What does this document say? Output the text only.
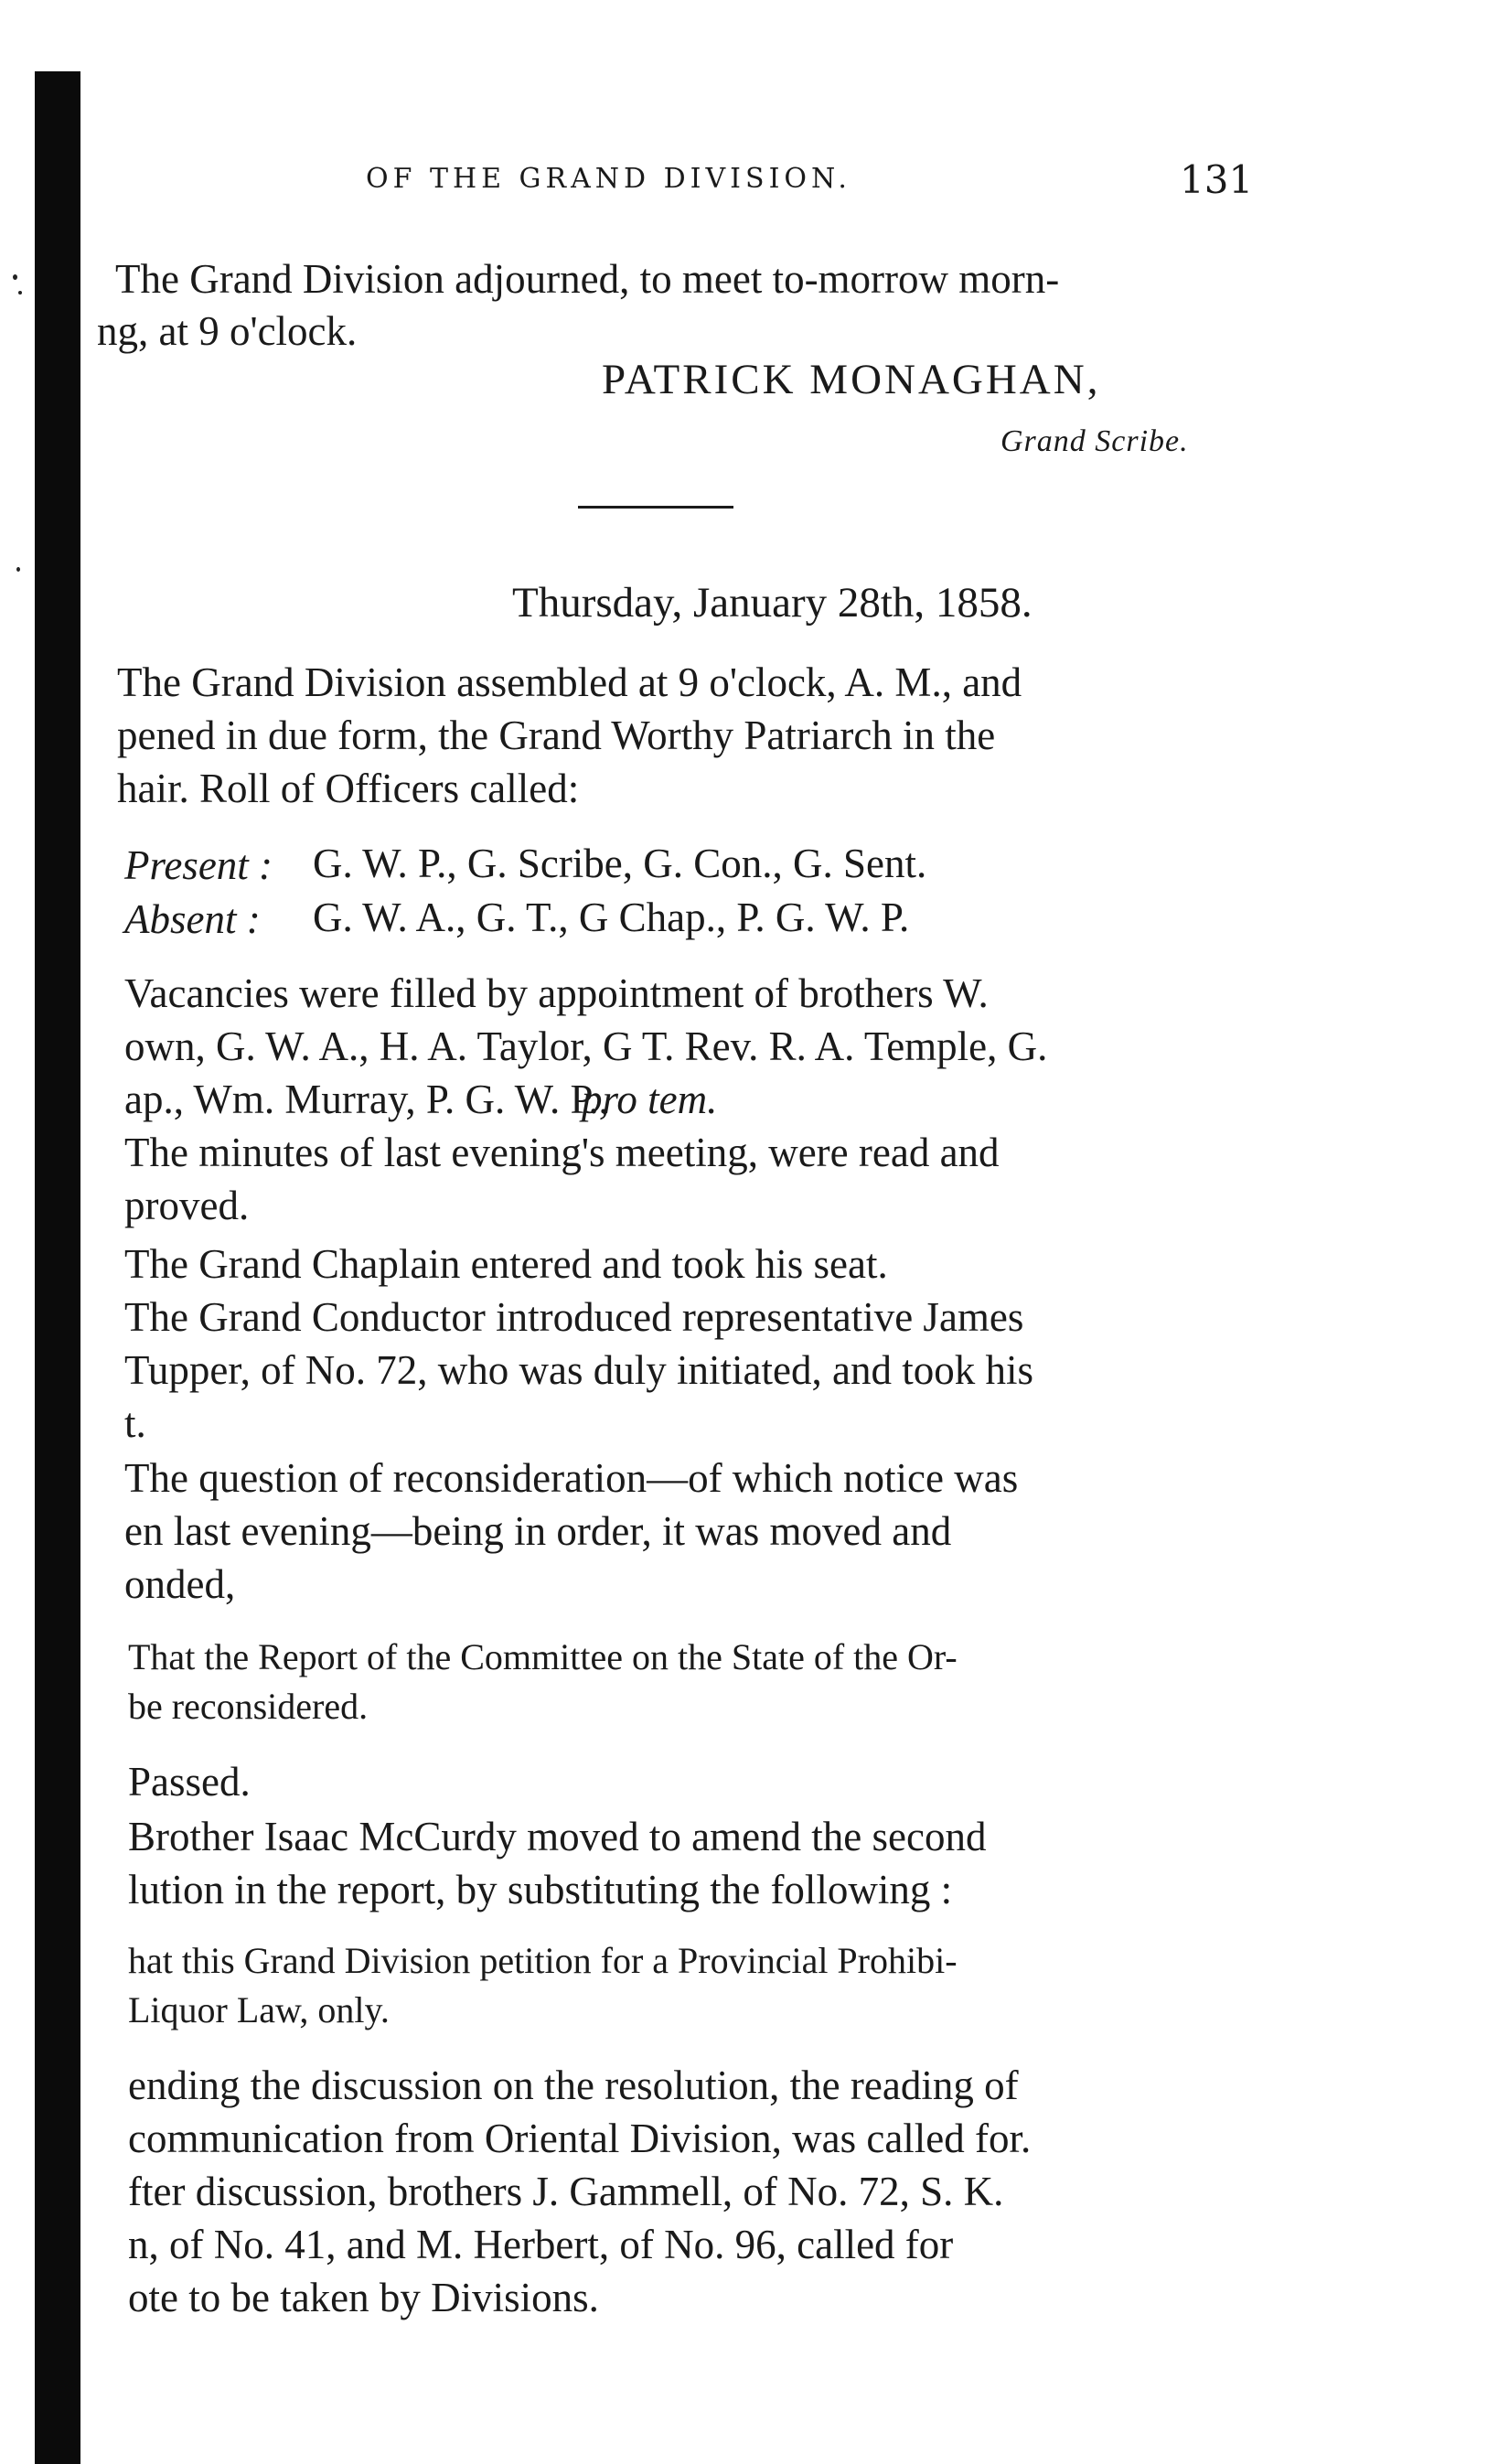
OF THE GRAND DIVISION.	131

The Grand Division adjourned, to meet to-morrow morn-

ng, at 9 o'clock.

PATRICK MONAGHAN,

Grand Scribe.

Thursday, January 28th, 1858.

The Grand Division assembled at 9 o'clock, A. M., and

pened in due form, the Grand Worthy Patriarch in the

hair. Roll of Officers called:

Present : G. W. P., G. Scribe, G. Con., G. Sent.

Absent : G. W. A., G. T., G Chap., P. G. W. P.

Vacancies were filled by appointment of brothers W.

own, G. W. A., H. A. Taylor, G T. Rev. R. A. Temple, G.

ap., Wm. Murray, P. G. W. P.,

pro tem.

The minutes of last evening's meeting, were read and

proved.

The Grand Chaplain entered and took his seat.

The Grand Conductor introduced representative James

Tupper, of No. 72, who was duly initiated, and took his

t.

The question of reconsideration—of which notice was

en last evening—being in order, it was moved and

onded,

That the Report of the Committee on the State of the Or-

be reconsidered.

Passed.

Brother Isaac McCurdy moved to amend the second

lution in the report, by substituting the following :

hat this Grand Division petition for a Provincial Prohibi-

Liquor Law, only.

ending the discussion on the resolution, the reading of

communication from Oriental Division, was called for.

fter discussion, brothers J. Gammell, of No. 72, S. K.

n, of No. 41, and M. Herbert, of No. 96, called for

ote to be taken by Divisions.
